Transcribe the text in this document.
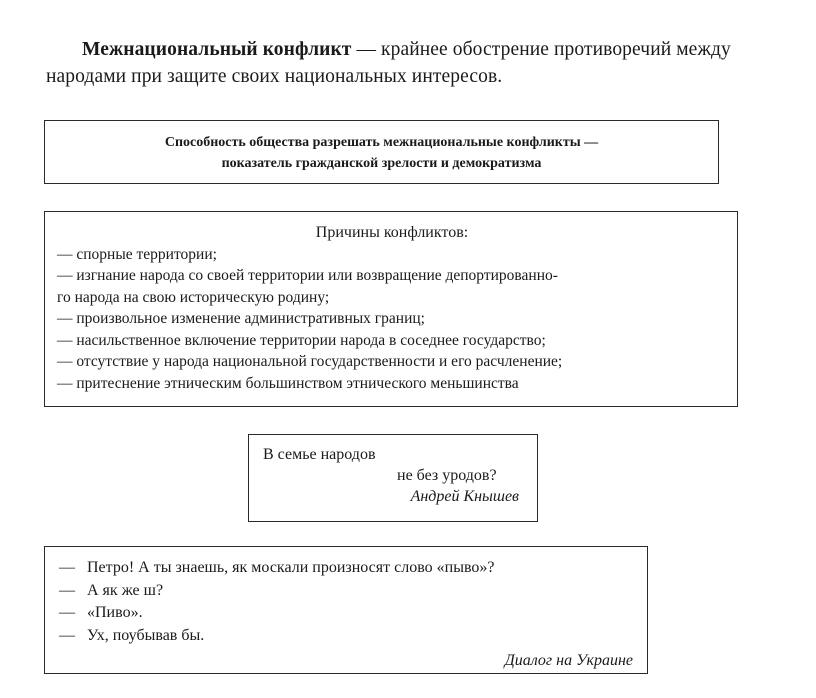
Межнациональный конфликт — крайнее обострение противоречий между народами при защите своих национальных интересов.

Способность общества разрешать межнациональные конфликты —
показатель гражданской зрелости и демократизма
Причины конфликтов:
— спорные территории;
— изгнание народа со своей территории или возвращение депортированно-
го народа на свою историческую родину;
— произвольное изменение административных границ;
— насильственное включение территории народа в соседнее государство;
— отсутствие у народа национальной государственности и его расчленение;
— притеснение этническим большинством этнического меньшинства
В семье народов
не без уродов?
Андрей Кнышев
— Петро! А ты знаешь, як москали произносят слово «пыво»?
— А як же ш?
— «Пиво».
— Ух, поубывав бы.
Диалог на Украине
